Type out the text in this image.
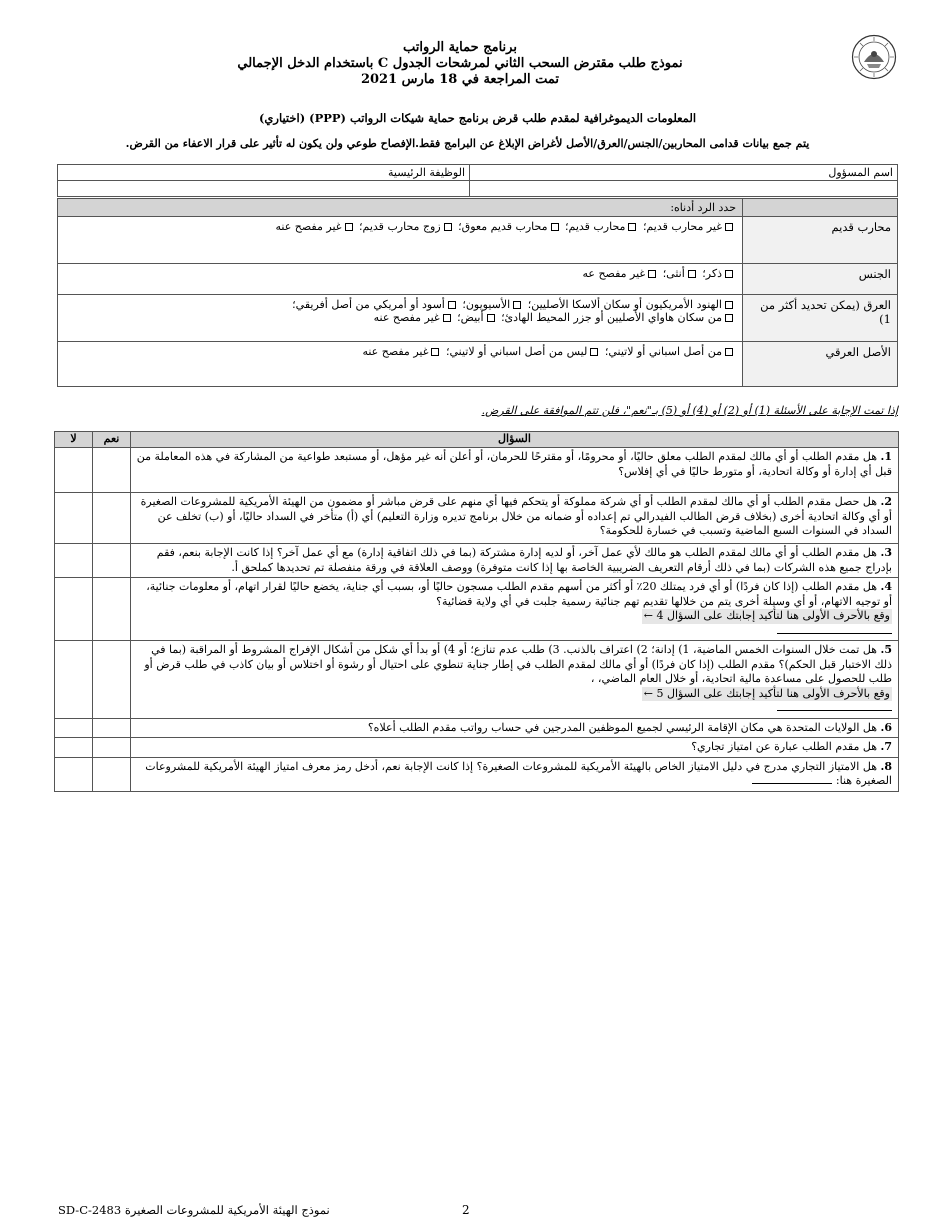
برنامج حماية الرواتب
نموذج طلب مقترض السحب الثاني لمرشحات الجدول C باستخدام الدخل الإجمالي
تمت المراجعة في 18 مارس 2021
المعلومات الديموغرافية لمقدم طلب قرض برنامج حماية شيكات الرواتب (PPP) (اختياري)
يتم جمع بيانات قدامى المحاربين/الجنس/العرق/الأصل لأغراض الإبلاغ عن البرامج فقط.الإفصاح طوعي ولن يكون له تأثير على قرار الاعفاء من القرض.
اسم المسؤول	الوظيفة الرئيسية

	حدد الرد أدناه:
محارب قديم	غير محارب قديم؛ محارب قديم؛ محارب قديم معوق؛ زوج محارب قديم؛ غير مفصح عنه
الجنس	ذكر؛ أنثى؛ غير مفصح عه
العرق (يمكن تحديد أكثر من 1)	الهنود الأمريكيون أو سكان ألاسكا الأصليين؛ الأسيويون؛ أسود أو أمريكي من أصل أفريقي؛
من سكان هاواي الأصليين أو جزر المحيط الهادئ؛ أبيض؛ غير مفصح عنه

الأصل العرقي	من أصل اسباني أو لاتيني؛ ليس من أصل اسباني أو لاتيني؛ غير مفصح عنه
إذا تمت الإجابة على الأسئلة (1) أو (2) أو (4) أو (5) بـ"نعم"، فلن تتم الموافقة على القرض.
السؤال	نعم	لا
1. هل مقدم الطلب أو أي مالك لمقدم الطلب معلق حاليًا، أو محرومًا، أو مقترحًا للحرمان، أو أعلن أنه غير مؤهل، أو مستبعد طواعية من المشاركة في هذه المعاملة من قبل أي إدارة أو وكالة اتحادية، أو متورط حاليًا في أي إفلاس؟		
2. هل حصل مقدم الطلب أو أي مالك لمقدم الطلب أو أي شركة مملوكة أو يتحكم فيها أي منهم على قرض مباشر أو مضمون من الهيئة الأمريكية للمشروعات الصغيرة أو أي وكالة اتحادية أخرى (بخلاف قرض الطالب الفيدرالي تم إعداده أو ضمانه من خلال برنامج تديره وزارة التعليم) أي (أ) متأخر في السداد حاليًا، أو (ب) تخلف عن السداد في السنوات السبع الماضية وتسبب في خسارة للحكومة؟		
3. هل مقدم الطلب أو أي مالك لمقدم الطلب هو مالك لأي عمل آخر، أو لديه إدارة مشتركة (بما في ذلك اتفاقية إدارة) مع أي عمل آخر؟ إذا كانت الإجابة بنعم، فقم بإدراج جميع هذه الشركات (بما في ذلك أرقام التعريف الضريبية الخاصة بها إذا كانت متوفرة) ووصف العلاقة في ورقة منفصلة تم تحديدها كملحق أ.		
4. هل مقدم الطلب (إذا كان فردًا) أو أي فرد يمتلك 20٪ أو أكثر من أسهم مقدم الطلب مسجون حاليًا أو، بسبب أي جناية، يخضع حاليًا لقرار اتهام، أو معلومات جنائية، أو توجيه الاتهام، أو أي وسيلة أخرى يتم من خلالها تقديم تهم جنائية رسمية جلبت في أي ولاية قضائية؟
وقع بالأحرف الأولى هنا لتأكيد إجابتك على السؤال 4 ←		

5. هل تمت خلال السنوات الخمس الماضية، 1) إدانة؛ 2) اعتراف بالذنب. 3) طلب عدم تنازع؛ أو 4) أو بدأ أي شكل من أشكال الإفراج المشروط أو المراقبة (بما في ذلك الاختبار قبل الحكم)؟ مقدم الطلب (إذا كان فردًا) أو أي مالك لمقدم الطلب في إطار جناية تنطوي على احتيال أو رشوة أو اختلاس أو بيان كاذب في طلب قرض أو طلب للحصول على مساعدة مالية اتحادية، أو خلال العام الماضي، ،
وقع بالأحرف الأولى هنا لتأكيد إجابتك على السؤال 5 ←		

6. هل الولايات المتحدة هي مكان الإقامة الرئيسي لجميع الموظفين المدرجين في حساب رواتب مقدم الطلب أعلاه؟		
7. هل مقدم الطلب عبارة عن امتياز تجاري؟		
8. هل الامتياز التجاري مدرج في دليل الامتياز الخاص بالهيئة الأمريكية للمشروعات الصغيرة؟ إذا كانت الإجابة نعم، أدخل رمز معرف امتياز الهيئة الأمريكية للمشروعات الصغيرة هنا:		
نموذج الهيئة الأمريكية للمشروعات الصغيرة 2483-SD-C	2
